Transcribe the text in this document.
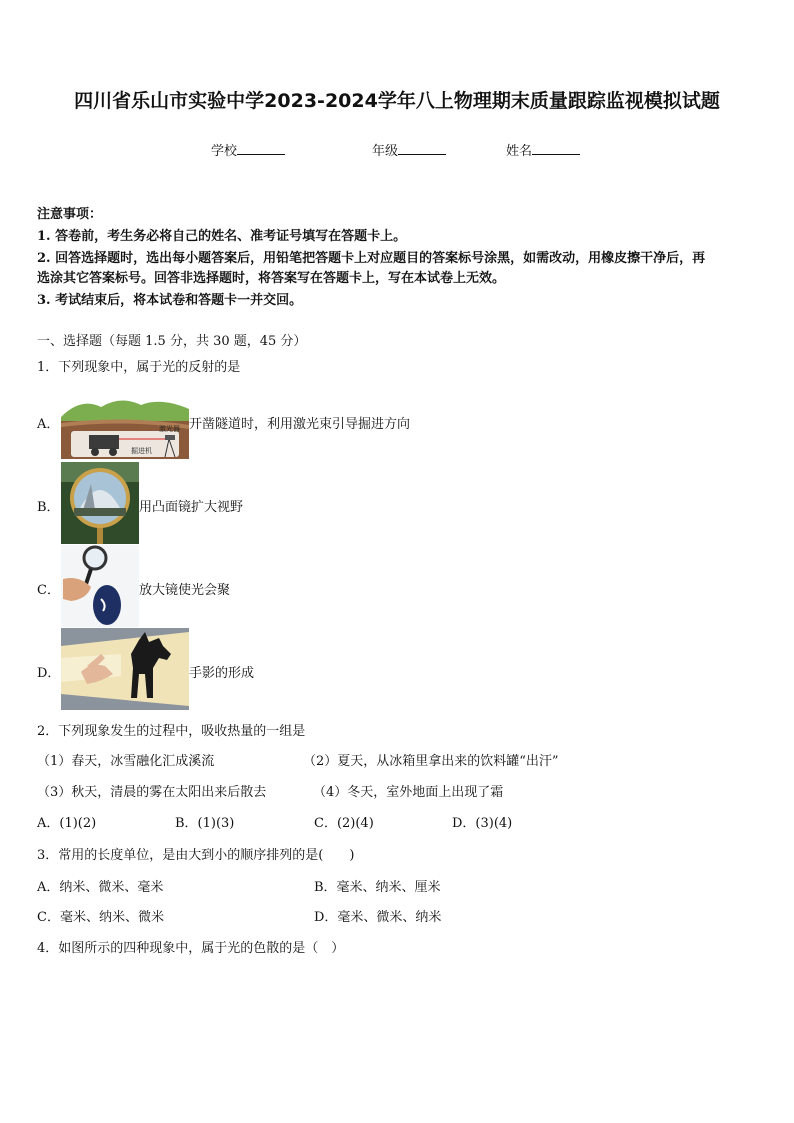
四川省乐山市实验中学2023-2024学年八上物理期末质量跟踪监视模拟试题
学校	年级	姓名
注意事项：
1. 答卷前，考生务必将自己的姓名、准考证号填写在答题卡上。
2. 回答选择题时，选出每小题答案后，用铅笔把答题卡上对应题目的答案标号涂黑，如需改动，用橡皮擦干净后，再
选涂其它答案标号。回答非选择题时，将答案写在答题卡上，写在本试卷上无效。
3. 考试结束后，将本试卷和答题卡一并交回。
一、选择题（每题 1.5 分，共 30 题，45 分）
1．下列现象中，属于光的反射的是
A．	激光器
掘进机
开凿隧道时，利用激光束引导掘进方向
B．	用凸面镜扩大视野
C．	放大镜使光会聚
D．	手影的形成
2．下列现象发生的过程中，吸收热量的一组是
（1）春天，冰雪融化汇成溪流	（2）夏天，从冰箱里拿出来的饮料罐“出汗”
（3）秋天，清晨的雾在太阳出来后散去	（4）冬天，室外地面上出现了霜
A．(1)(2)	B．(1)(3)	C．(2)(4)	D．(3)(4)
3．常用的长度单位，是由大到小的顺序排列的是(　　)
A．纳米、微米、毫米	B．毫米、纳米、厘米
C．毫米、纳米、微米	D．毫米、微米、纳米
4．如图所示的四种现象中，属于光的色散的是（　）
